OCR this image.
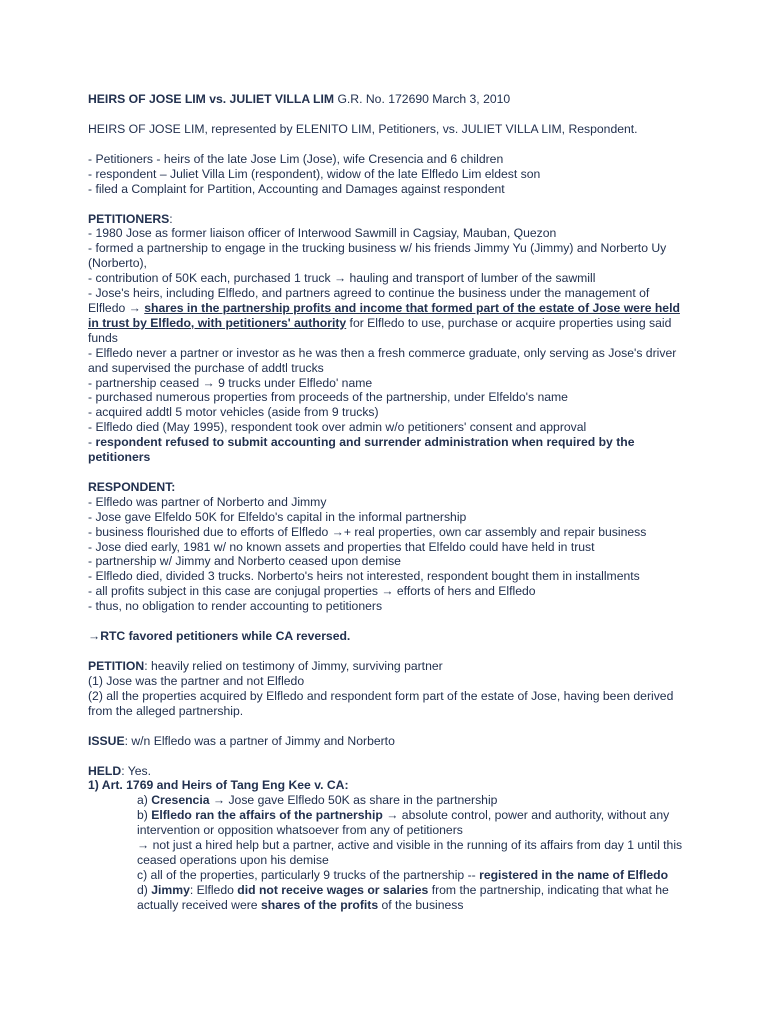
HEIRS OF JOSE LIM vs. JULIET VILLA LIM G.R. No. 172690 March 3, 2010

HEIRS OF JOSE LIM, represented by ELENITO LIM, Petitioners, vs. JULIET VILLA LIM, Respondent.

- Petitioners - heirs of the late Jose Lim (Jose), wife Cresencia and 6 children

- respondent – Juliet Villa Lim (respondent), widow of the late Elfledo Lim eldest son

- filed a Complaint for Partition, Accounting and Damages against respondent

PETITIONERS:

- 1980 Jose as former liaison officer of Interwood Sawmill in Cagsiay, Mauban, Quezon

- formed a partnership to engage in the trucking business w/ his friends Jimmy Yu (Jimmy) and Norberto Uy (Norberto),

- contribution of 50K each, purchased 1 truck → hauling and transport of lumber of the sawmill

- Jose's heirs, including Elfledo, and partners agreed to continue the business under the management of Elfledo → shares in the partnership profits and income that formed part of the estate of Jose were held in trust by Elfledo, with petitioners' authority for Elfledo to use, purchase or acquire properties using said funds

- Elfledo never a partner or investor as he was then a fresh commerce graduate, only serving as Jose's driver and supervised the purchase of addtl trucks

- partnership ceased → 9 trucks under Elfledo' name

- purchased numerous properties from proceeds of the partnership, under Elfeldo's name

- acquired addtl 5 motor vehicles (aside from 9 trucks)

- Elfledo died (May 1995), respondent took over admin w/o petitioners' consent and approval

- respondent refused to submit accounting and surrender administration when required by the petitioners

RESPONDENT:

- Elfledo was partner of Norberto and Jimmy

- Jose gave Elfeldo 50K for Elfeldo's capital in the informal partnership

- business flourished due to efforts of Elfledo →+ real properties, own car assembly and repair business

- Jose died early, 1981 w/ no known assets and properties that Elfeldo could have held in trust

- partnership w/ Jimmy and Norberto ceased upon demise

- Elfledo died, divided 3 trucks. Norberto's heirs not interested, respondent bought them in installments

- all profits subject in this case are conjugal properties → efforts of hers and Elfledo

- thus, no obligation to render accounting to petitioners

→RTC favored petitioners while CA reversed.

PETITION: heavily relied on testimony of Jimmy, surviving partner

(1) Jose was the partner and not Elfledo

(2) all the properties acquired by Elfledo and respondent form part of the estate of Jose, having been derived from the alleged partnership.

ISSUE: w/n Elfledo was a partner of Jimmy and Norberto

HELD: Yes.

1) Art. 1769 and Heirs of Tang Eng Kee v. CA:

a) Cresencia → Jose gave Elfledo 50K as share in the partnership

b) Elfledo ran the affairs of the partnership → absolute control, power and authority, without any intervention or opposition whatsoever from any of petitioners

→ not just a hired help but a partner, active and visible in the running of its affairs from day 1 until this ceased operations upon his demise

c) all of the properties, particularly 9 trucks of the partnership -- registered in the name of Elfledo

d) Jimmy: Elfledo did not receive wages or salaries from the partnership, indicating that what he actually received were shares of the profits of the business
